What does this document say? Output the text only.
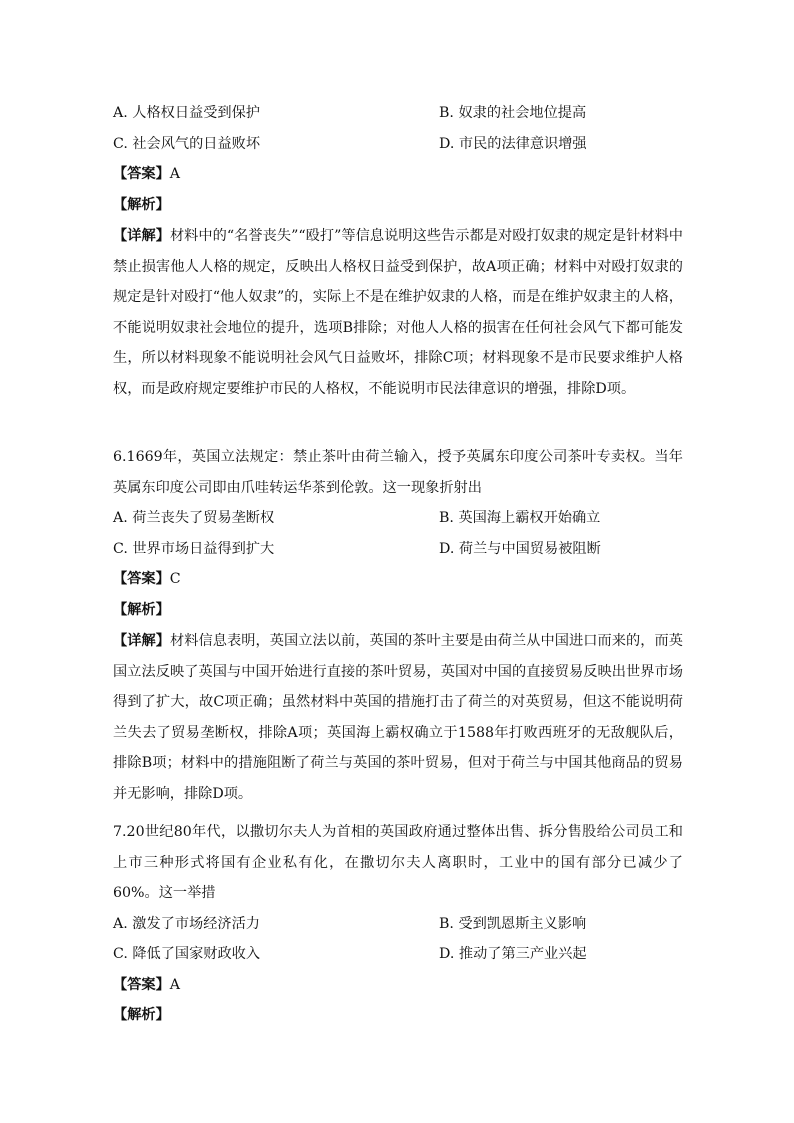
A. 人格权日益受到保护	B. 奴隶的社会地位提高
C. 社会风气的日益败坏	D. 市民的法律意识增强
【答案】A
【解析】
【详解】材料中的“名誉丧失”“殴打”等信息说明这些告示都是对殴打奴隶的规定是针材料中禁止损害他人人格的规定，反映出人格权日益受到保护，故A项正确；材料中对殴打奴隶的规定是针对殴打“他人奴隶”的，实际上不是在维护奴隶的人格，而是在维护奴隶主的人格，不能说明奴隶社会地位的提升，选项B排除；对他人人格的损害在任何社会风气下都可能发生，所以材料现象不能说明社会风气日益败坏，排除C项；材料现象不是市民要求维护人格权，而是政府规定要维护市民的人格权，不能说明市民法律意识的增强，排除D项。
6.1669年，英国立法规定：禁止茶叶由荷兰输入，授予英属东印度公司茶叶专卖权。当年英属东印度公司即由爪哇转运华茶到伦敦。这一现象折射出
A. 荷兰丧失了贸易垄断权	B. 英国海上霸权开始确立
C. 世界市场日益得到扩大	D. 荷兰与中国贸易被阻断
【答案】C
【解析】
【详解】材料信息表明，英国立法以前，英国的茶叶主要是由荷兰从中国进口而来的，而英国立法反映了英国与中国开始进行直接的茶叶贸易，英国对中国的直接贸易反映出世界市场得到了扩大，故C项正确；虽然材料中英国的措施打击了荷兰的对英贸易，但这不能说明荷兰失去了贸易垄断权，排除A项；英国海上霸权确立于1588年打败西班牙的无敌舰队后，排除B项；材料中的措施阻断了荷兰与英国的茶叶贸易，但对于荷兰与中国其他商品的贸易并无影响，排除D项。
7.20世纪80年代，以撒切尔夫人为首相的英国政府通过整体出售、拆分售股给公司员工和上市三种形式将国有企业私有化，在撒切尔夫人离职时，工业中的国有部分已减少了60%。这一举措
A. 激发了市场经济活力	B. 受到凯恩斯主义影响
C. 降低了国家财政收入	D. 推动了第三产业兴起
【答案】A
【解析】
